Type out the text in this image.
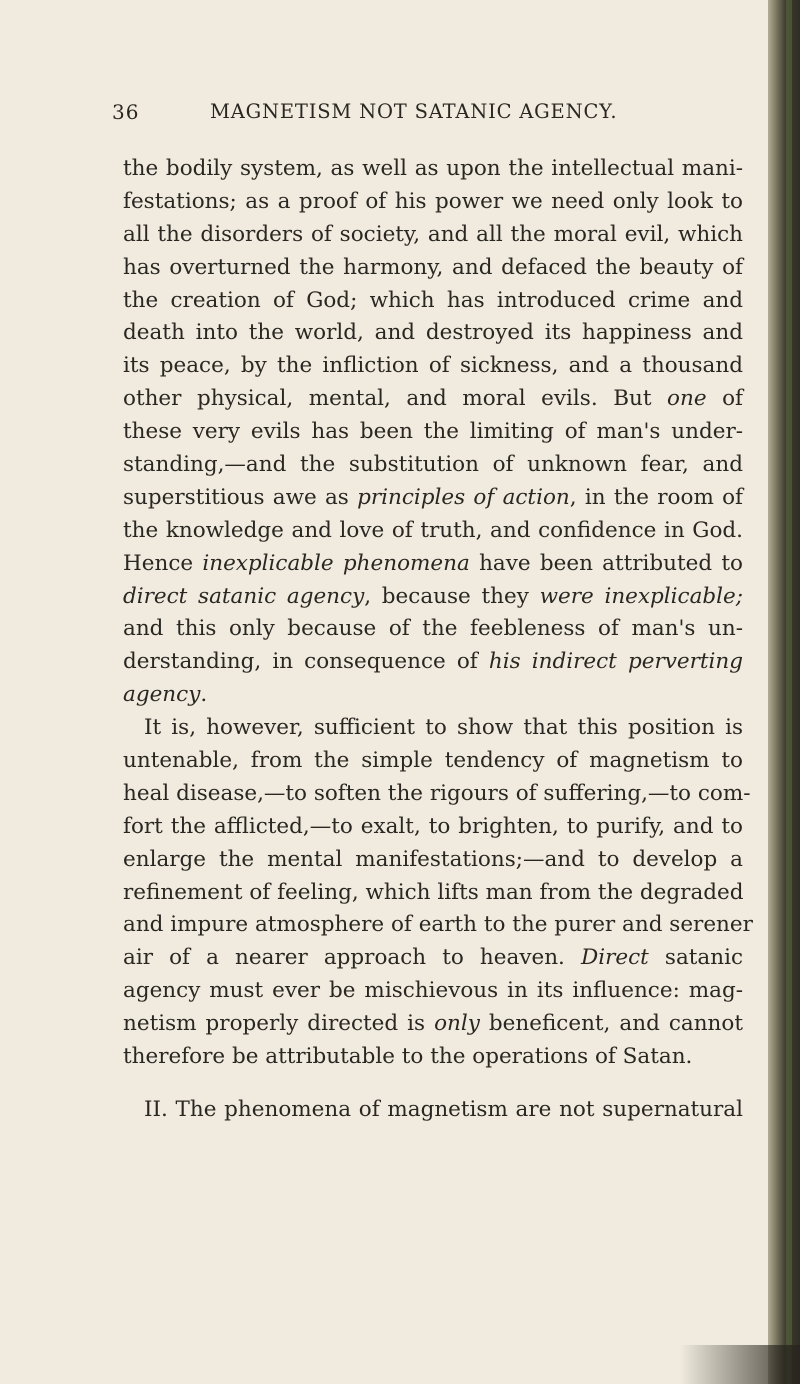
36	MAGNETISM NOT SATANIC AGENCY.
the bodily system, as well as upon the intellectual mani-
festations; as a proof of his power we need only look to
all the disorders of society, and all the moral evil, which
has overturned the harmony, and defaced the beauty of
the creation of God; which has introduced crime and
death into the world, and destroyed its happiness and
its peace, by the infliction of sickness, and a thousand
other physical, mental, and moral evils. But one of
these very evils has been the limiting of man's under-
standing,—and the substitution of unknown fear, and
superstitious awe as principles of action, in the room of
the knowledge and love of truth, and confidence in God.
Hence inexplicable phenomena have been attributed to
direct satanic agency, because they were inexplicable;
and this only because of the feebleness of man's un-
derstanding, in consequence of his indirect perverting
agency.
It is, however, sufficient to show that this position is
untenable, from the simple tendency of magnetism to
heal disease,—to soften the rigours of suffering,—to com-
fort the afflicted,—to exalt, to brighten, to purify, and to
enlarge the mental manifestations;—and to develop a
refinement of feeling, which lifts man from the degraded
and impure atmosphere of earth to the purer and serener
air of a nearer approach to heaven. Direct satanic
agency must ever be mischievous in its influence: mag-
netism properly directed is only beneficent, and cannot
therefore be attributable to the operations of Satan.
II. The phenomena of magnetism are not supernatural
